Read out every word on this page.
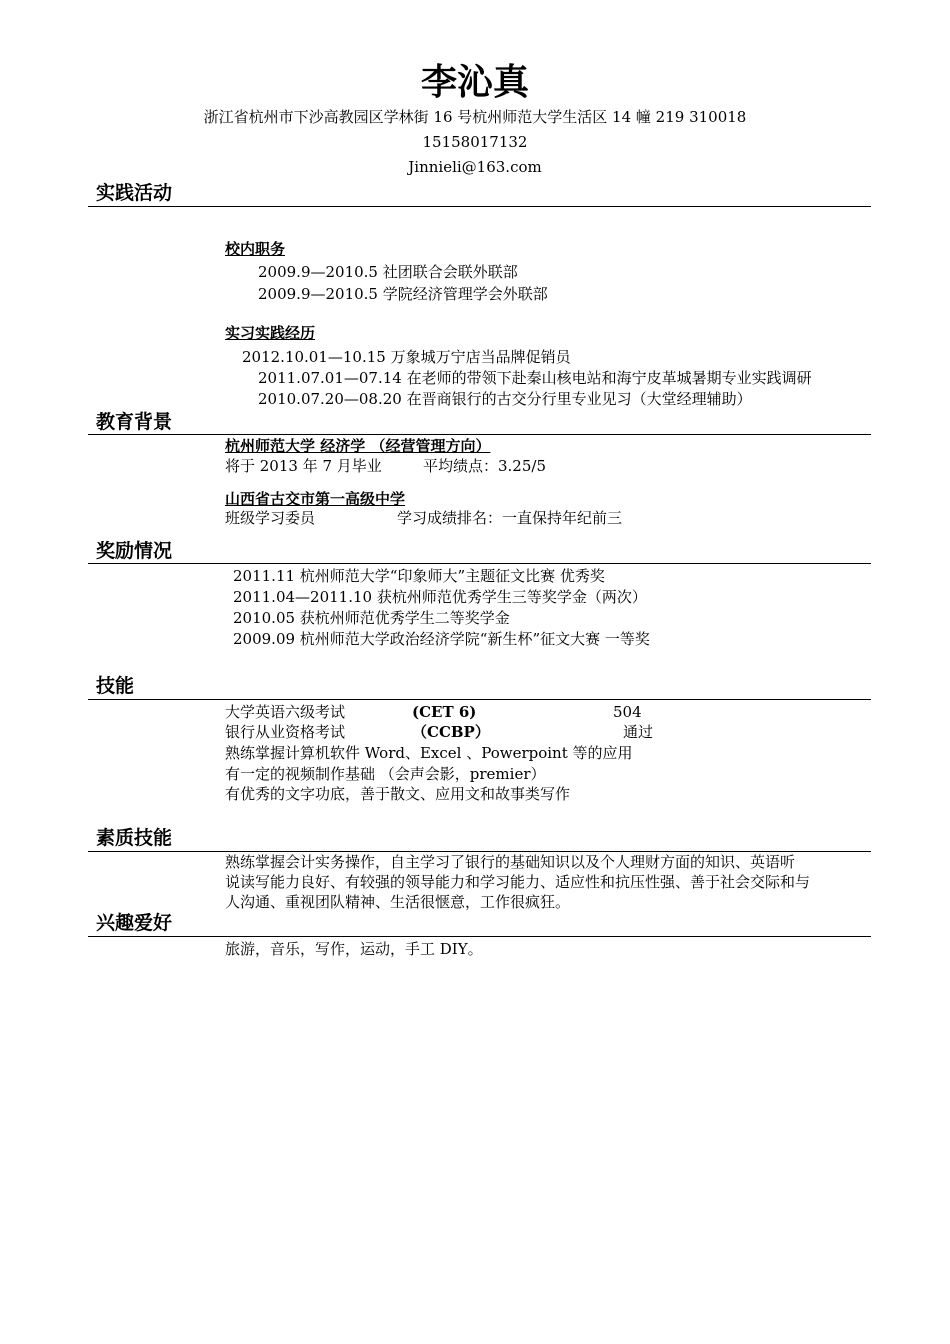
李沁真
浙江省杭州市下沙高教园区学林街 16 号杭州师范大学生活区 14 幢 219 310018
15158017132
Jinnieli@163.com
实践活动
校内职务
2009.9—2010.5 社团联合会联外联部
2009.9—2010.5 学院经济管理学会外联部
实习实践经历
2012.10.01—10.15 万象城万宁店当品牌促销员
2011.07.01—07.14 在老师的带领下赴秦山核电站和海宁皮革城暑期专业实践调研
2010.07.20—08.20 在晋商银行的古交分行里专业见习（大堂经理辅助）
教育背景
杭州师范大学 经济学 （经营管理方向）
将于 2013 年 7 月毕业	平均绩点：3.25/5
山西省古交市第一高级中学
班级学习委员	学习成绩排名：一直保持年纪前三
奖励情况
2011.11 杭州师范大学“印象师大”主题征文比赛 优秀奖
2011.04—2011.10 获杭州师范优秀学生三等奖学金（两次）
2010.05 获杭州师范优秀学生二等奖学金
2009.09 杭州师范大学政治经济学院“新生杯”征文大赛 一等奖
技能
大学英语六级考试	(CET 6)	504
银行从业资格考试	（CCBP）	通过
熟练掌握计算机软件 Word、Excel 、Powerpoint 等的应用
有一定的视频制作基础 （会声会影，premier）
有优秀的文字功底，善于散文、应用文和故事类写作
素质技能
熟练掌握会计实务操作，自主学习了银行的基础知识以及个人理财方面的知识、英语听
说读写能力良好、有较强的领导能力和学习能力、适应性和抗压性强、善于社会交际和与
人沟通、重视团队精神、生活很惬意，工作很疯狂。
兴趣爱好
旅游，音乐，写作，运动，手工 DIY。
